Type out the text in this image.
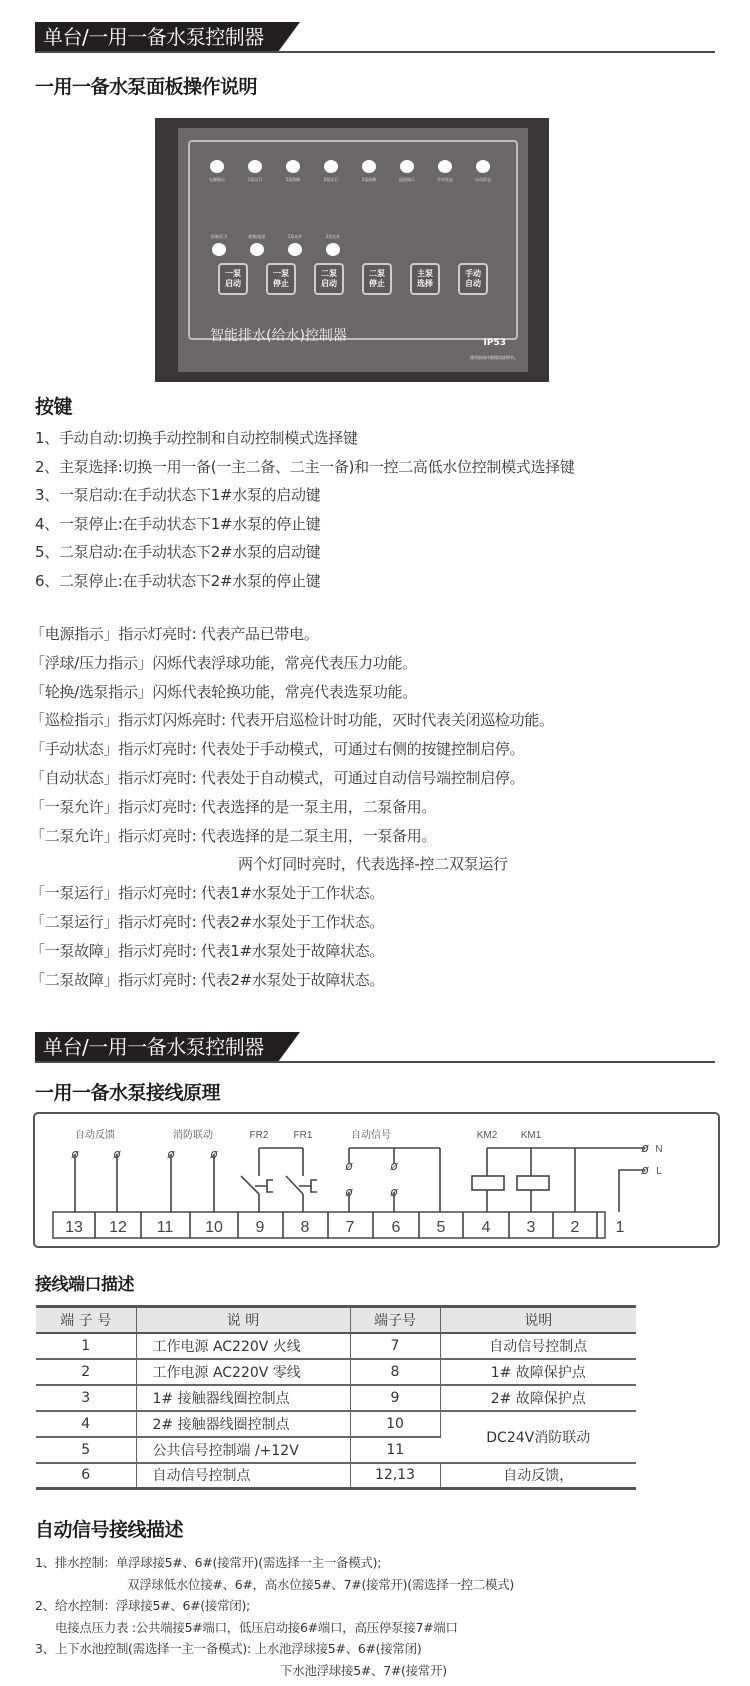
单台/一用一备水泵控制器
一用一备水泵面板操作说明
电源指示	1泵运行	1泵故障	2泵运行	2泵故障	巡检指示	手动状态	自动状态
浮球/压力	轮换/选泵	1泵允许	2泵允许
一泵
启动
一泵
停止
二泵
启动
二泵
停止
主泵
选择
手动
自动
智能排水(给水)控制器	IP53
使用前请仔细阅读说明书。
按键
1、手动自动:切换手动控制和自动控制模式选择键
2、主泵选择:切换一用一备(一主二备、二主一备)和一控二高低水位控制模式选择键
3、一泵启动:在手动状态下1#水泵的启动键
4、一泵停止:在手动状态下1#水泵的停止键
5、二泵启动:在手动状态下2#水泵的启动键
6、二泵停止:在手动状态下2#水泵的停止键
「电源指示」指示灯亮时: 代表产品已带电。
「浮球/压力指示」闪烁代表浮球功能，常亮代表压力功能。
「轮换/选泵指示」闪烁代表轮换功能，常亮代表选泵功能。
「巡检指示」指示灯闪烁亮时: 代表开启巡检计时功能，灭时代表关闭巡检功能。
「手动状态」指示灯亮时: 代表处于手动模式，可通过右侧的按键控制启停。
「自动状态」指示灯亮时: 代表处于自动模式，可通过自动信号端控制启停。
「一泵允许」指示灯亮时: 代表选择的是一泵主用，二泵备用。
「二泵允许」指示灯亮时: 代表选择的是二泵主用，一泵备用。
两个灯同时亮时，代表选择-控二双泵运行
「一泵运行」指示灯亮时: 代表1#水泵处于工作状态。
「二泵运行」指示灯亮时: 代表2#水泵处于工作状态。
「一泵故障」指示灯亮时: 代表1#水泵处于故障状态。
「二泵故障」指示灯亮时: 代表2#水泵处于故障状态。
单台/一用一备水泵控制器
一用一备水泵接线原理
13 12 11 10 9 8 7 6 5 4 3 2 1
自动反馈	消防联动	FR2	FR1	自动信号	KM2 KM1
N
L
ø	ø	ø	ø
ø	ø
ø	ø
ø
ø
接线端口描述
端 子 号	说 明	端子号	说明
1	工作电源 AC220V 火线	7	自动信号控制点
2	工作电源 AC220V 零线	8	1# 故障保护点
3	1# 接触器线圈控制点	9	2# 故障保护点
4	2# 接触器线圈控制点	10	DC24V消防联动
5	公共信号控制端 /+12V	11	
6	自动信号控制点	12,13	自动反馈，
自动信号接线描述
1、排水控制：单浮球接5#、6#(接常开)(需选择一主一备模式);
双浮球低水位接#、6#，高水位接5#、7#(接常开)(需选择一控二模式)
2、给水控制：浮球接5#、6#(接常闭);
电接点压力表 :公共端接5#端口，低压启动接6#端口，高压停泵接7#端口
3、上下水池控制(需选择一主一备模式): 上水池浮球接5#、6#(接常闭)
下水池浮球接5#、7#(接常开)
